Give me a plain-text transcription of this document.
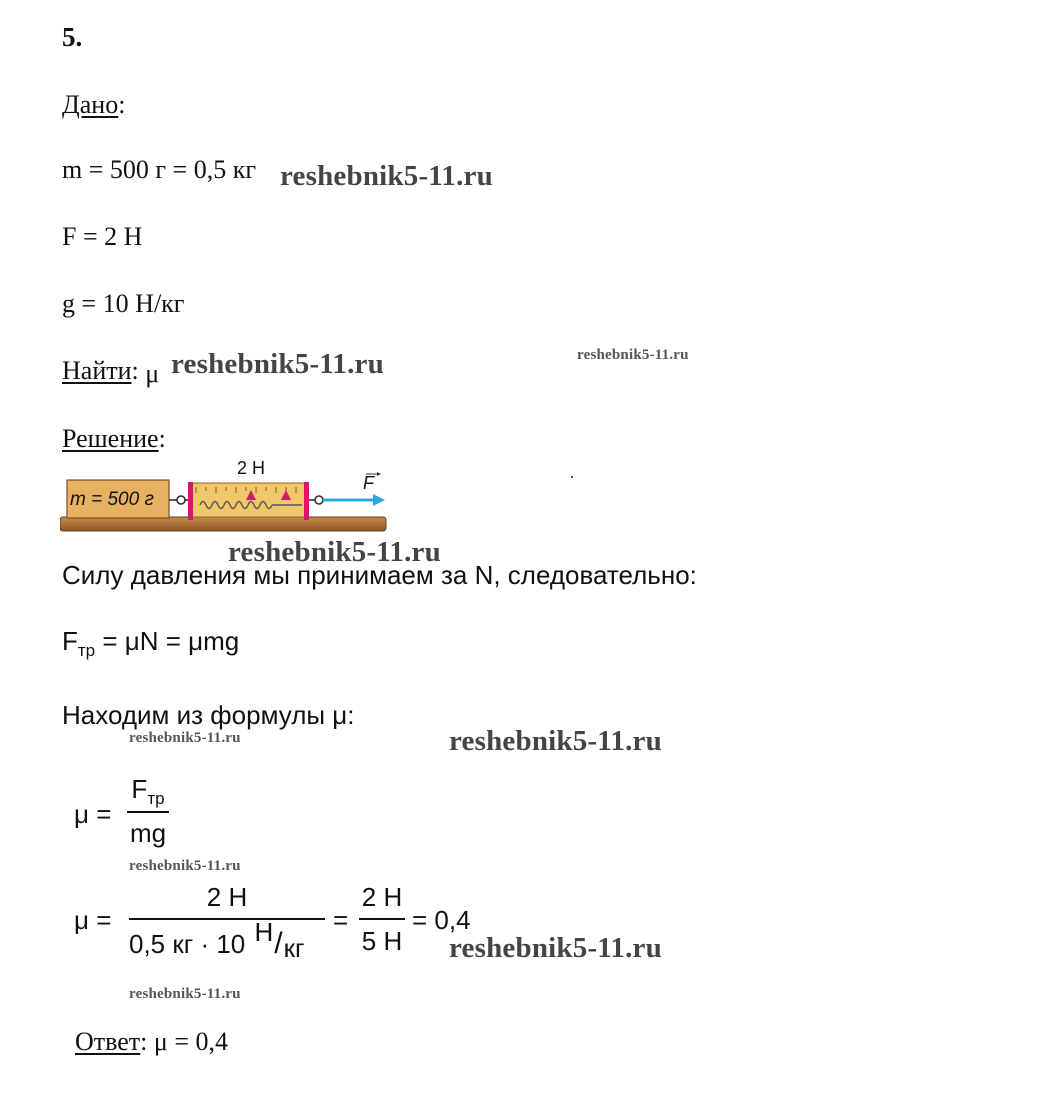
5.
Дано:
m = 500 г = 0,5 кг reshebnik5-11.ru
F = 2 Н
g = 10 Н/кг
Найти: μ reshebnik5-11.ru	reshebnik5-11.ru
Решение:
m = 500 г
2 Н
F
reshebnik5-11.ru
Силу давления мы принимаем за N, следовательно:
$F_{тр} = \mu N = \mu mg$
Находим из формулы μ:
reshebnik5-11.ru	reshebnik5-11.ru
μ =
$F_{тр}$
mg
reshebnik5-11.ru
μ =
2 Н
0,5 кг · 10 Н/кг
=
2 Н
5 Н
= 0,4
reshebnik5-11.ru
reshebnik5-11.ru
Ответ: μ = 0,4
